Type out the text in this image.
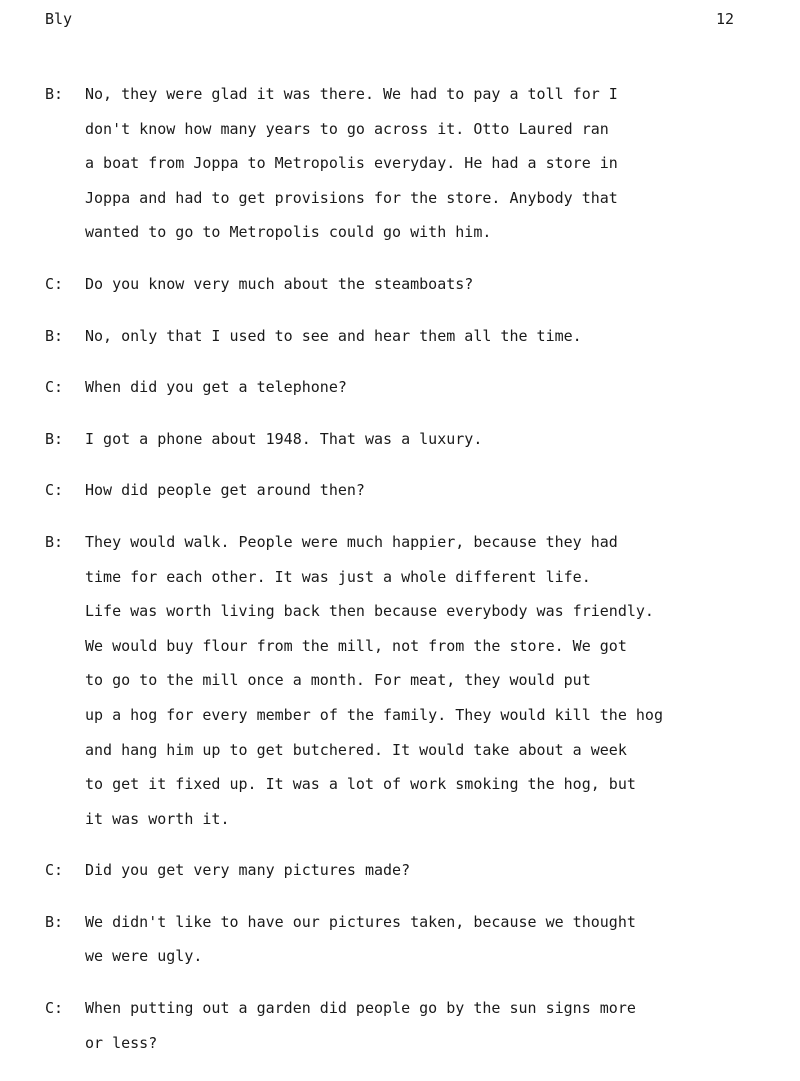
Bly	12
B:	No, they were glad it was there. We had to pay a toll for I
don't know how many years to go across it. Otto Laured ran
a boat from Joppa to Metropolis everyday. He had a store in
Joppa and had to get provisions for the store. Anybody that
wanted to go to Metropolis could go with him.
C:	Do you know very much about the steamboats?
B:	No, only that I used to see and hear them all the time.
C:	When did you get a telephone?
B:	I got a phone about 1948. That was a luxury.
C:	How did people get around then?
B:	They would walk. People were much happier, because they had
time for each other. It was just a whole different life.
Life was worth living back then because everybody was friendly.
We would buy flour from the mill, not from the store. We got
to go to the mill once a month. For meat, they would put
up a hog for every member of the family. They would kill the hog
and hang him up to get butchered. It would take about a week
to get it fixed up. It was a lot of work smoking the hog, but
it was worth it.
C:	Did you get very many pictures made?
B:	We didn't like to have our pictures taken, because we thought
we were ugly.
C:	When putting out a garden did people go by the sun signs more
or less?
